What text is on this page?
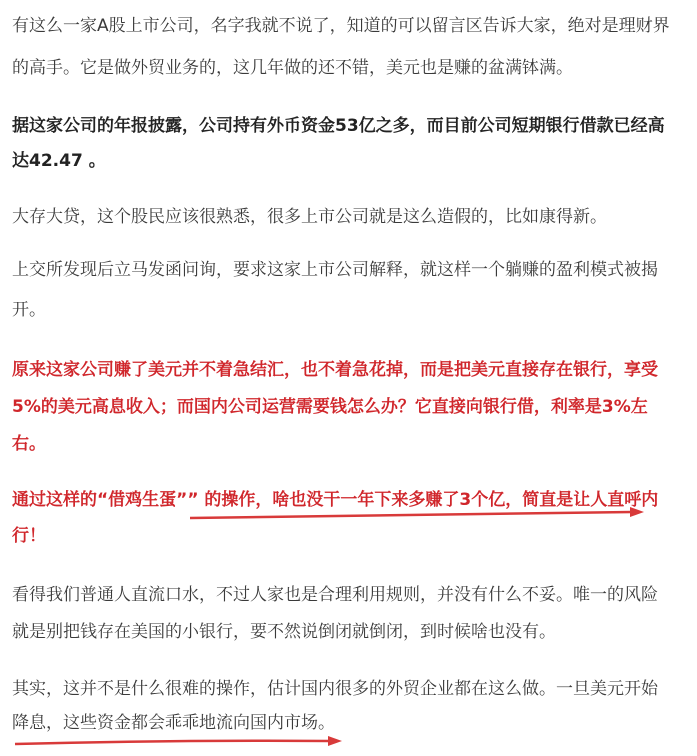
有这么一家A股上市公司，名字我就不说了，知道的可以留言区告诉大家，绝对是理财界
的高手。它是做外贸业务的，这几年做的还不错，美元也是赚的盆满钵满。
据这家公司的年报披露，公司持有外币资金53亿之多，而目前公司短期银行借款已经高
达42.47 。
大存大贷，这个股民应该很熟悉，很多上市公司就是这么造假的，比如康得新。
上交所发现后立马发函问询，要求这家上市公司解释，就这样一个躺赚的盈利模式被揭
开。
原来这家公司赚了美元并不着急结汇，也不着急花掉，而是把美元直接存在银行，享受
5%的美元高息收入；而国内公司运营需要钱怎么办？它直接向银行借，利率是3%左
右。
通过这样的“借鸡生蛋”” 的操作，啥也没干一年下来多赚了3个亿，简直是让人直呼内
行！
看得我们普通人直流口水，不过人家也是合理利用规则，并没有什么不妥。唯一的风险
就是别把钱存在美国的小银行，要不然说倒闭就倒闭，到时候啥也没有。
其实，这并不是什么很难的操作，估计国内很多的外贸企业都在这么做。一旦美元开始
降息，这些资金都会乖乖地流向国内市场。
